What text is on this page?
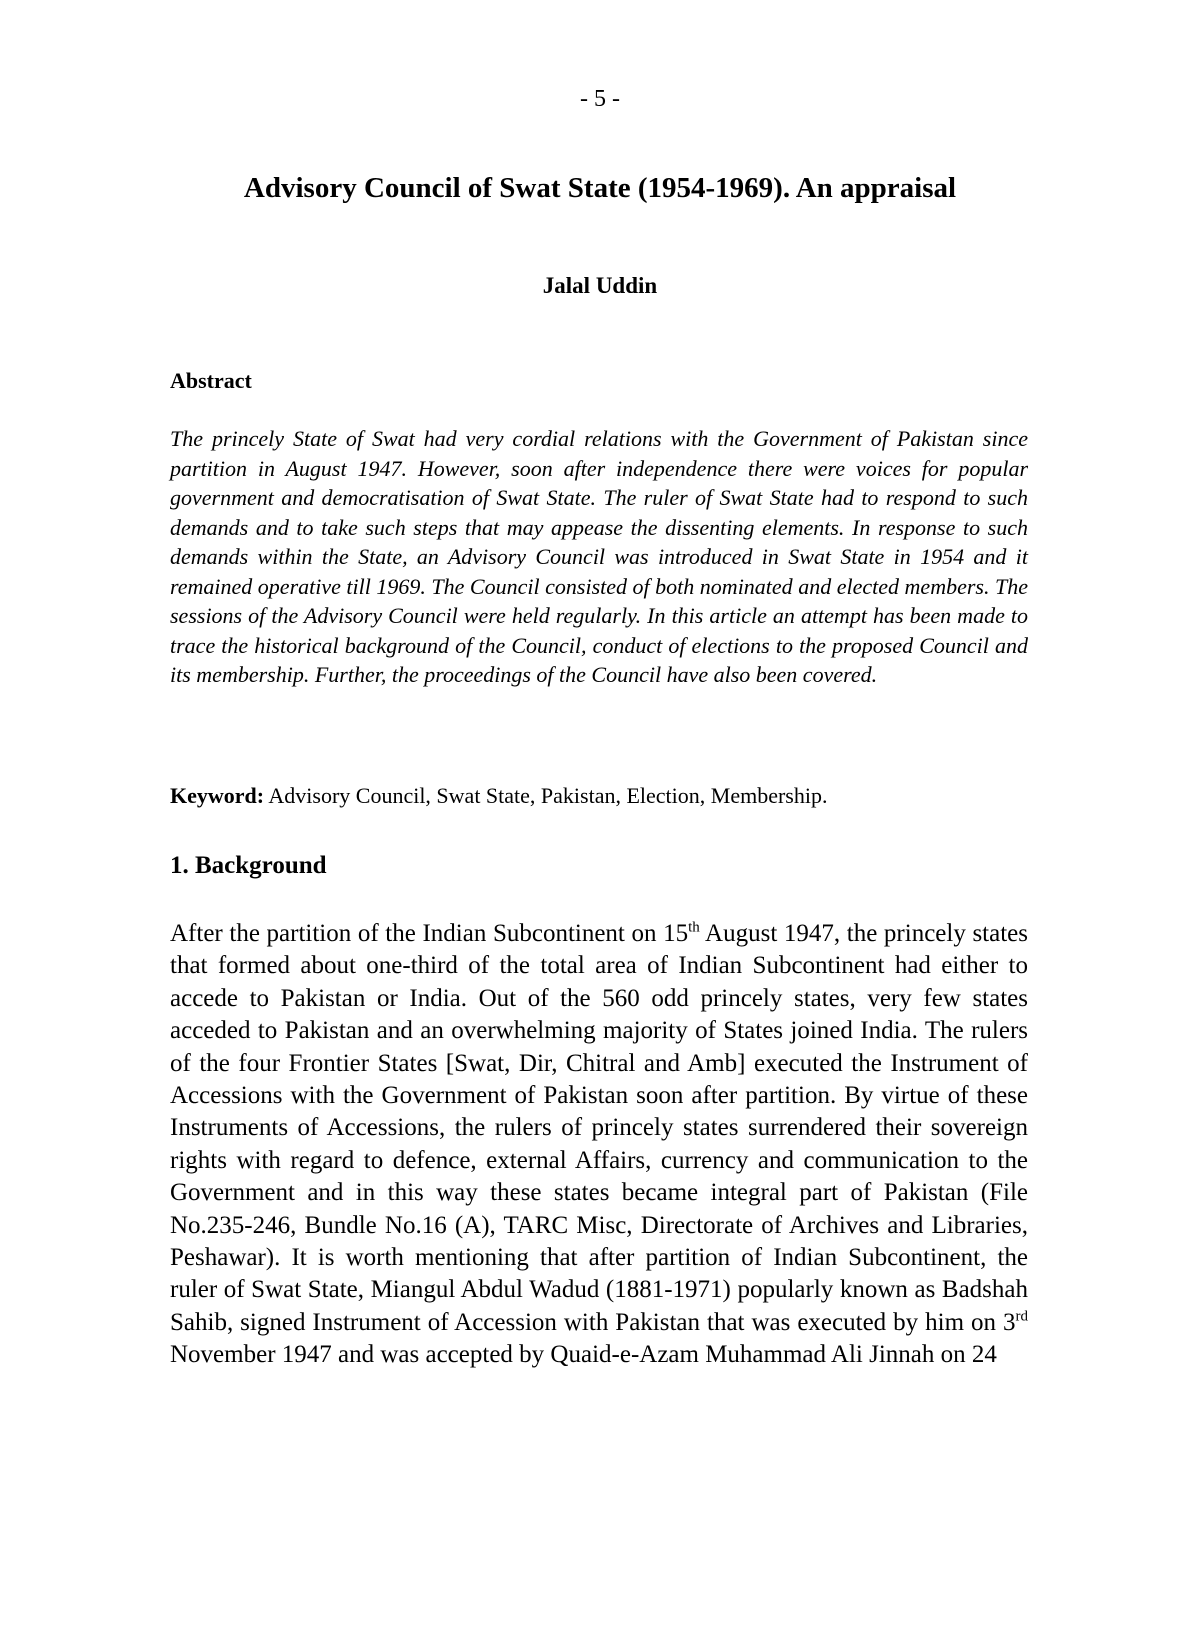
- 5 -

Advisory Council of Swat State (1954-1969). An appraisal

Jalal Uddin

Abstract

The princely State of Swat had very cordial relations with the Government of Pakistan since partition in August 1947. However, soon after independence there were voices for popular government and democratisation of Swat State. The ruler of Swat State had to respond to such demands and to take such steps that may appease the dissenting elements. In response to such demands within the State, an Advisory Council was introduced in Swat State in 1954 and it remained operative till 1969. The Council consisted of both nominated and elected members. The sessions of the Advisory Council were held regularly. In this article an attempt has been made to trace the historical background of the Council, conduct of elections to the proposed Council and its membership. Further, the proceedings of the Council have also been covered.

Keyword: Advisory Council, Swat State, Pakistan, Election, Membership.

1. Background

After the partition of the Indian Subcontinent on 15th August 1947, the princely states that formed about one-third of the total area of Indian Subcontinent had either to accede to Pakistan or India. Out of the 560 odd princely states, very few states acceded to Pakistan and an overwhelming majority of States joined India. The rulers of the four Frontier States [Swat, Dir, Chitral and Amb] executed the Instrument of Accessions with the Government of Pakistan soon after partition. By virtue of these Instruments of Accessions, the rulers of princely states surrendered their sovereign rights with regard to defence, external Affairs, currency and communication to the Government and in this way these states became integral part of Pakistan (File No.235-246, Bundle No.16 (A), TARC Misc, Directorate of Archives and Libraries, Peshawar). It is worth mentioning that after partition of Indian Subcontinent, the ruler of Swat State, Miangul Abdul Wadud (1881-1971) popularly known as Badshah Sahib, signed Instrument of Accession with Pakistan that was executed by him on 3rd November 1947 and was accepted by Quaid-e-Azam Muhammad Ali Jinnah on 24
